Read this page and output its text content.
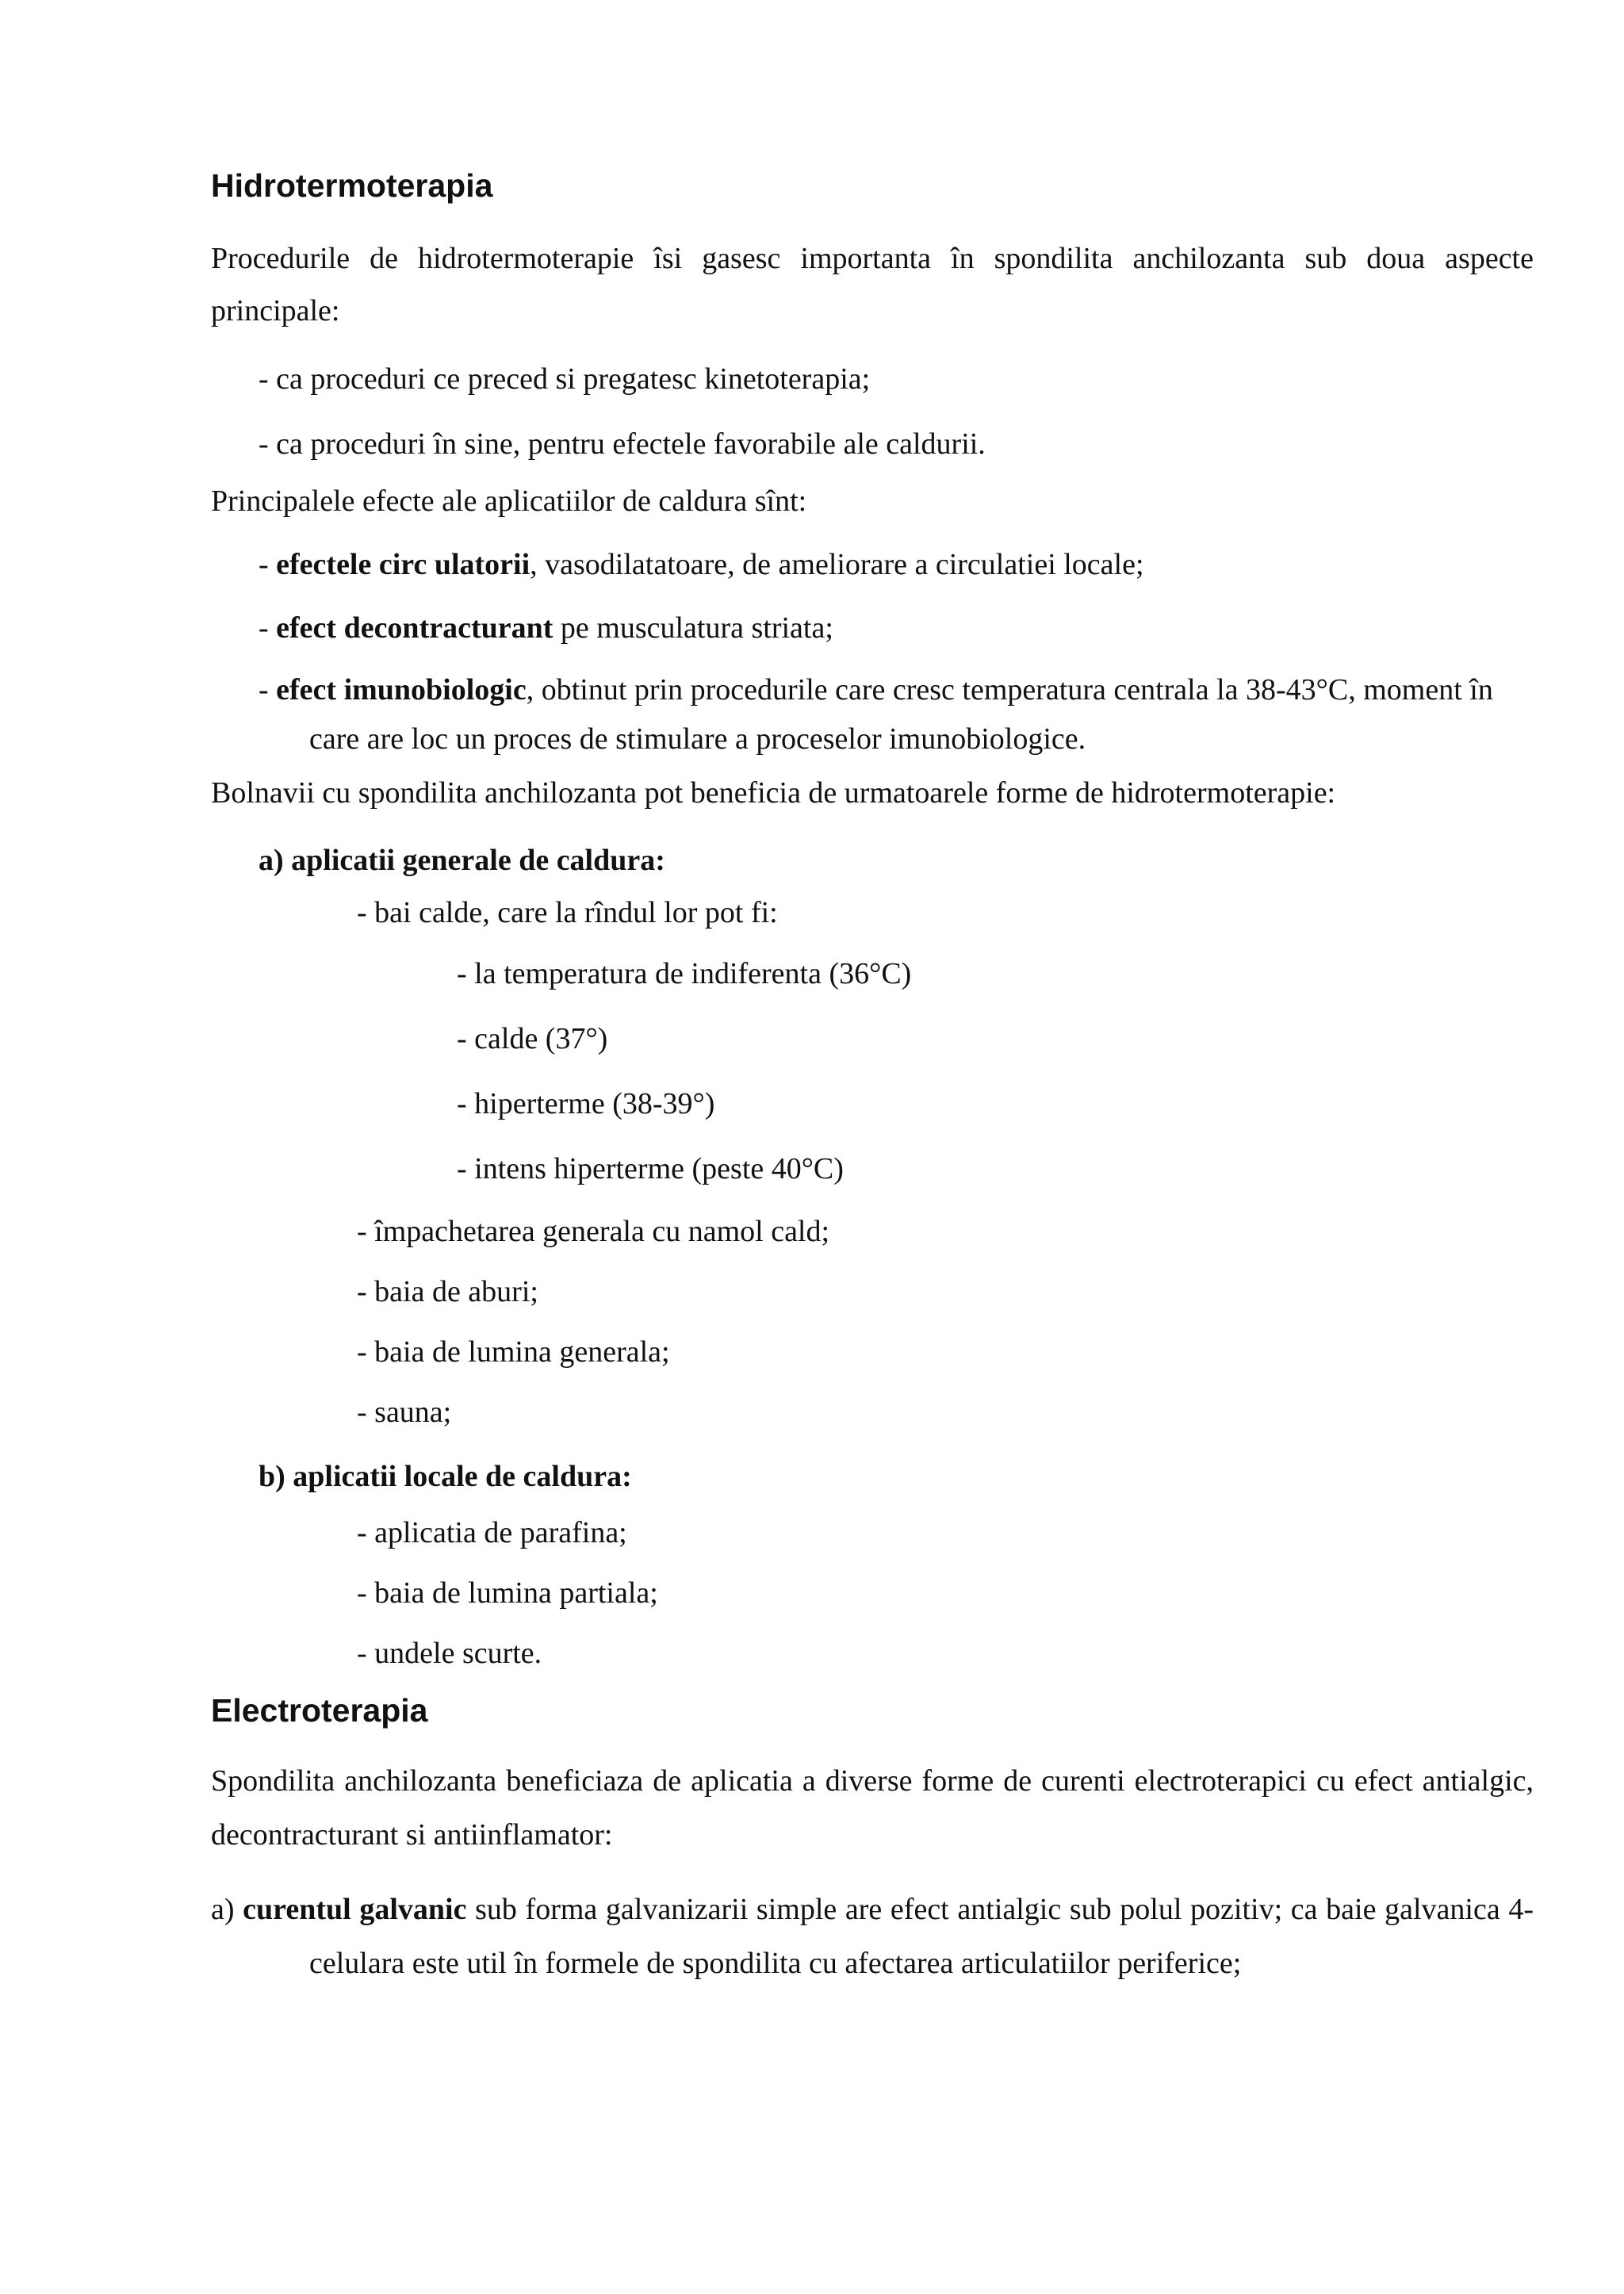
Hidrotermoterapia

Procedurile de hidrotermoterapie îsi gasesc importanta în spondilita anchilozanta sub doua aspecte principale:

- ca proceduri ce preced si pregatesc kinetoterapia;

- ca proceduri în sine, pentru efectele favorabile ale caldurii.

Principalele efecte ale aplicatiilor de caldura sînt:

- efectele circ ulatorii, vasodilatatoare, de ameliorare a circulatiei locale;

- efect decontracturant pe musculatura striata;

- efect imunobiologic, obtinut prin procedurile care cresc temperatura centrala la 38-43°C, moment în care are loc un proces de stimulare a proceselor imunobiologice.

Bolnavii cu spondilita anchilozanta pot beneficia de urmatoarele forme de hidrotermoterapie:

a) aplicatii generale de caldura:

- bai calde, care la rîndul lor pot fi:

- la temperatura de indiferenta (36°C)

- calde (37°)

- hiperterme (38-39°)

- intens hiperterme (peste 40°C)

- împachetarea generala cu namol cald;

- baia de aburi;

- baia de lumina generala;

- sauna;

b) aplicatii locale de caldura:

- aplicatia de parafina;

- baia de lumina partiala;

- undele scurte.

Electroterapia

Spondilita anchilozanta beneficiaza de aplicatia a diverse forme de curenti electroterapici cu efect antialgic, decontracturant si antiinflamator:

a) curentul galvanic sub forma galvanizarii simple are efect antialgic sub polul pozitiv; ca baie galvanica 4-celulara este util în formele de spondilita cu afectarea articulatiilor periferice;
